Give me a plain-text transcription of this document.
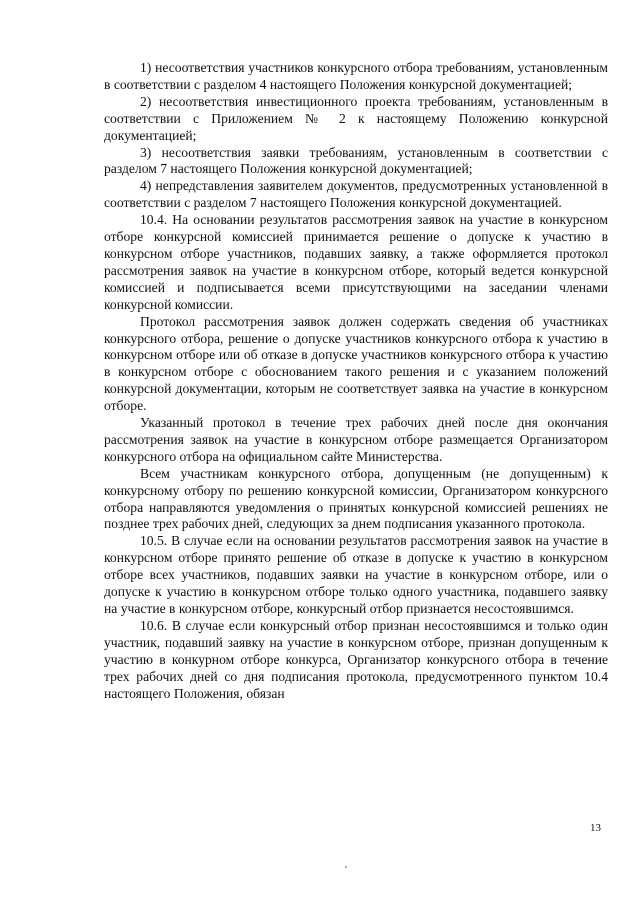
1) несоответствия участников конкурсного отбора требованиям, установленным в соответствии с разделом 4 настоящего Положения конкурсной документацией;

2) несоответствия инвестиционного проекта требованиям, установленным в соответствии с Приложением № 2 к настоящему Положению конкурсной документацией;

3) несоответствия заявки требованиям, установленным в соответствии с разделом 7 настоящего Положения конкурсной документацией;

4) непредставления заявителем документов, предусмотренных установленной в соответствии с разделом 7 настоящего Положения конкурсной документацией.

10.4. На основании результатов рассмотрения заявок на участие в конкурсном отборе конкурсной комиссией принимается решение о допуске к участию в конкурсном отборе участников, подавших заявку, а также оформляется протокол рассмотрения заявок на участие в конкурсном отборе, который ведется конкурсной комиссией и подписывается всеми присутствующими на заседании членами конкурсной комиссии.

Протокол рассмотрения заявок должен содержать сведения об участниках конкурсного отбора, решение о допуске участников конкурсного отбора к участию в конкурсном отборе или об отказе в допуске участников конкурсного отбора к участию в конкурсном отборе с обоснованием такого решения и с указанием положений конкурсной документации, которым не соответствует заявка на участие в конкурсном отборе.

Указанный протокол в течение трех рабочих дней после дня окончания рассмотрения заявок на участие в конкурсном отборе размещается Организатором конкурсного отбора на официальном сайте Министерства.

Всем участникам конкурсного отбора, допущенным (не допущенным) к конкурсному отбору по решению конкурсной комиссии, Организатором конкурсного отбора направляются уведомления о принятых конкурсной комиссией решениях не позднее трех рабочих дней, следующих за днем подписания указанного протокола.

10.5. В случае если на основании результатов рассмотрения заявок на участие в конкурсном отборе принято решение об отказе в допуске к участию в конкурсном отборе всех участников, подавших заявки на участие в конкурсном отборе, или о допуске к участию в конкурсном отборе только одного участника, подавшего заявку на участие в конкурсном отборе, конкурсный отбор признается несостоявшимся.

10.6. В случае если конкурсный отбор признан несостоявшимся и только один участник, подавший заявку на участие в конкурсном отборе, признан допущенным к участию в конкурном отборе конкурса, Организатор конкурсного отбора в течение трех рабочих дней со дня подписания протокола, предусмотренного пунктом 10.4 настоящего Положения, обязан

13
